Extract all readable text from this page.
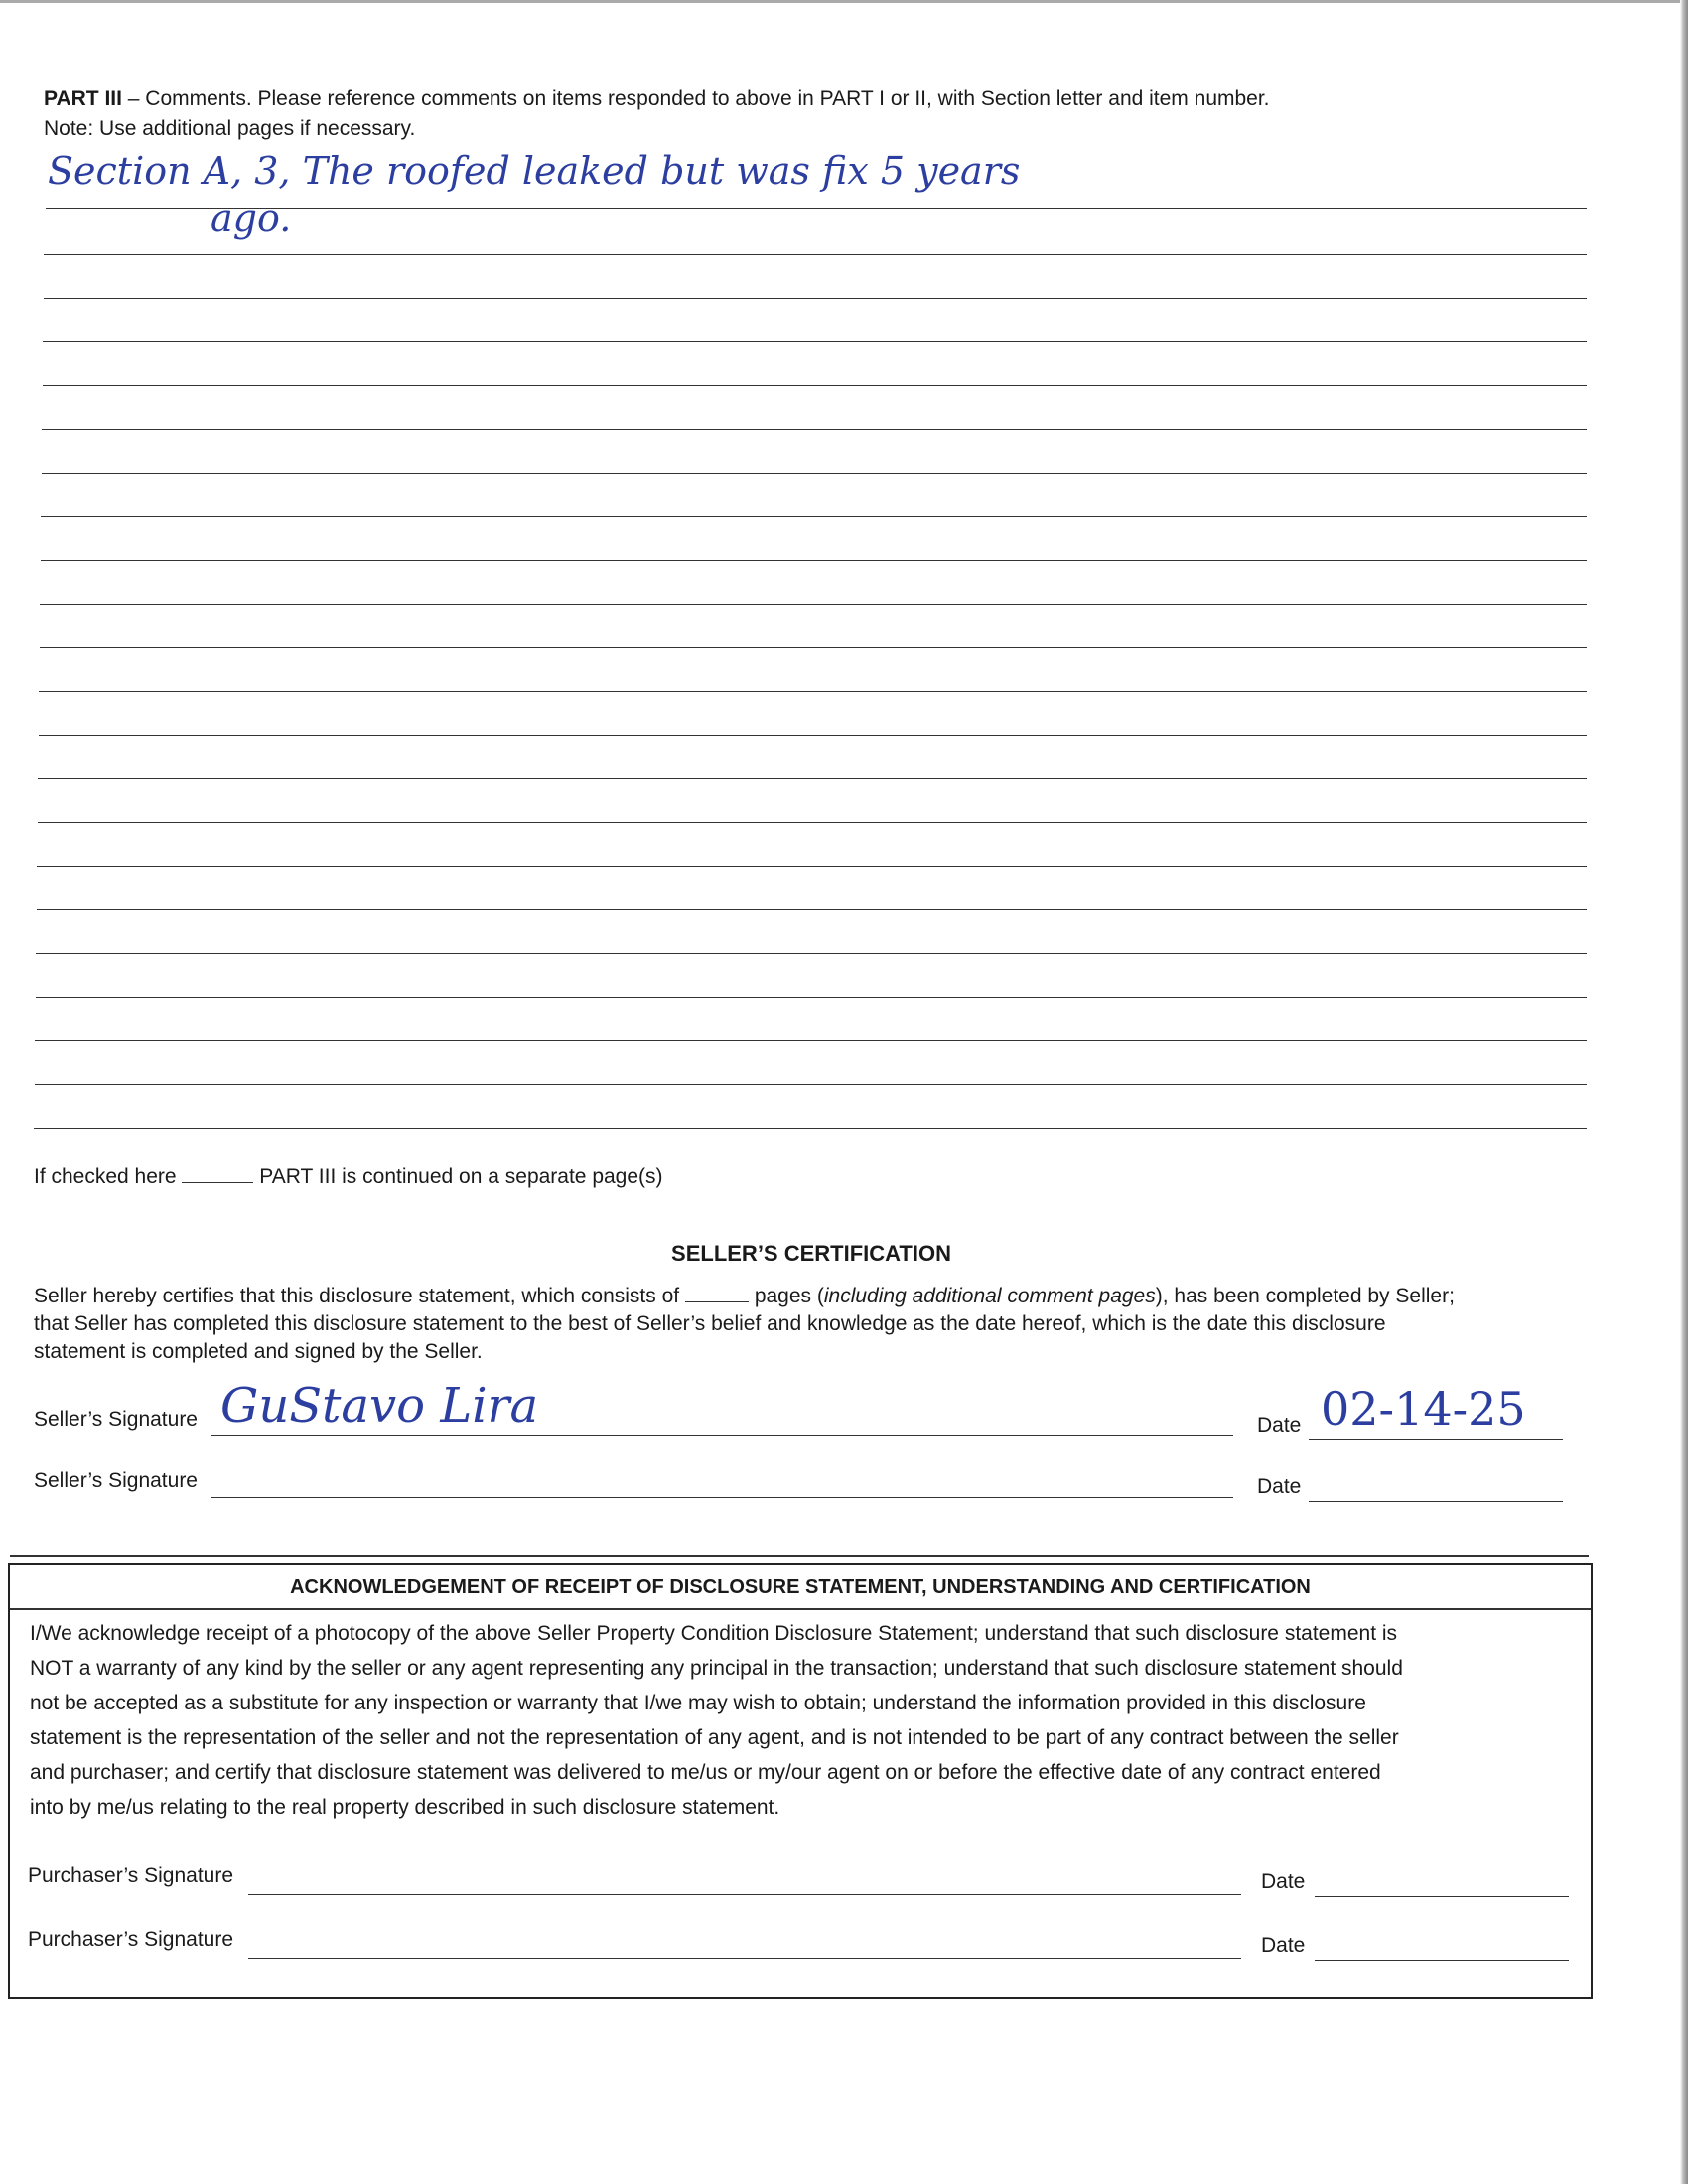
PART III – Comments. Please reference comments on items responded to above in PART I or II, with Section letter and item number.
Note: Use additional pages if necessary.
Section A, 3, The roofed leaked but was fix 5 years
ago.
If checked here	PART III is continued on a separate page(s)
SELLER’S CERTIFICATION
Seller hereby certifies that this disclosure statement, which consists of	pages (including additional comment pages), has been completed by Seller;
that Seller has completed this disclosure statement to the best of Seller’s belief and knowledge as the date hereof, which is the date this disclosure
statement is completed and signed by the Seller.
Seller’s Signature GuStavo Lira	Date 02-14-25
Seller’s Signature	Date
ACKNOWLEDGEMENT OF RECEIPT OF DISCLOSURE STATEMENT, UNDERSTANDING AND CERTIFICATION
I/We acknowledge receipt of a photocopy of the above Seller Property Condition Disclosure Statement; understand that such disclosure statement is
NOT a warranty of any kind by the seller or any agent representing any principal in the transaction; understand that such disclosure statement should
not be accepted as a substitute for any inspection or warranty that I/we may wish to obtain; understand the information provided in this disclosure
statement is the representation of the seller and not the representation of any agent, and is not intended to be part of any contract between the seller
and purchaser; and certify that disclosure statement was delivered to me/us or my/our agent on or before the effective date of any contract entered
into by me/us relating to the real property described in such disclosure statement.
Purchaser’s Signature	Date
Purchaser’s Signature	Date
